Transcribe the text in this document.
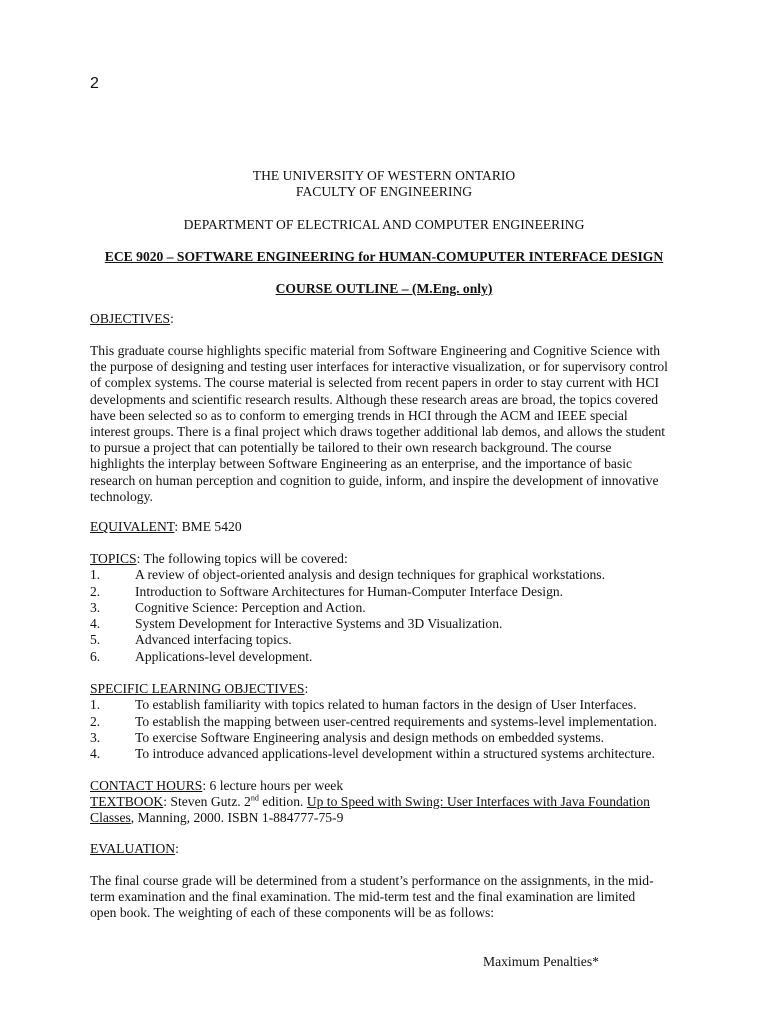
2
THE UNIVERSITY OF WESTERN ONTARIO
FACULTY OF ENGINEERING
DEPARTMENT OF ELECTRICAL AND COMPUTER ENGINEERING
ECE 9020 – SOFTWARE ENGINEERING for HUMAN-COMUPUTER INTERFACE DESIGN
COURSE OUTLINE – (M.Eng. only)
OBJECTIVES:

This graduate course highlights specific material from Software Engineering and Cognitive Science with

the purpose of designing and testing user interfaces for interactive visualization, or for supervisory control

of complex systems. The course material is selected from recent papers in order to stay current with HCI

developments and scientific research results. Although these research areas are broad, the topics covered

have been selected so as to conform to emerging trends in HCI through the ACM and IEEE special

interest groups. There is a final project which draws together additional lab demos, and allows the student

to pursue a project that can potentially be tailored to their own research background. The course

highlights the interplay between Software Engineering as an enterprise, and the importance of basic

research on human perception and cognition to guide, inform, and inspire the development of innovative

technology.

EQUIVALENT: BME 5420
TOPICS : The following topics will be covered:
1.	A review of object-oriented analysis and design techniques for graphical workstations.
2.	Introduction to Software Architectures for Human-Computer Interface Design.
3.	Cognitive Science: Perception and Action.
4.	System Development for Interactive Systems and 3D Visualization.
5.	Advanced interfacing topics.
6.	Applications-level development.
SPECIFIC LEARNING OBJECTIVES :
1.	To establish familiarity with topics related to human factors in the design of User Interfaces.
2.	To establish the mapping between user-centred requirements and systems-level implementation.
3.	To exercise Software Engineering analysis and design methods on embedded systems.
4.	To introduce advanced applications-level development within a structured systems architecture.
CONTACT HOURS: 6 lecture hours per week
TEXTBOOK: Steven Gutz. 2nd edition. Up to Speed with Swing: User Interfaces with Java Foundation
Classes, Manning, 2000. ISBN 1-884777-75-9
EVALUATION:

The final course grade will be determined from a student’s performance on the assignments, in the mid-

term examination and the final examination. The mid-term test and the final examination are limited

open book. The weighting of each of these components will be as follows:

Maximum Penalties*
